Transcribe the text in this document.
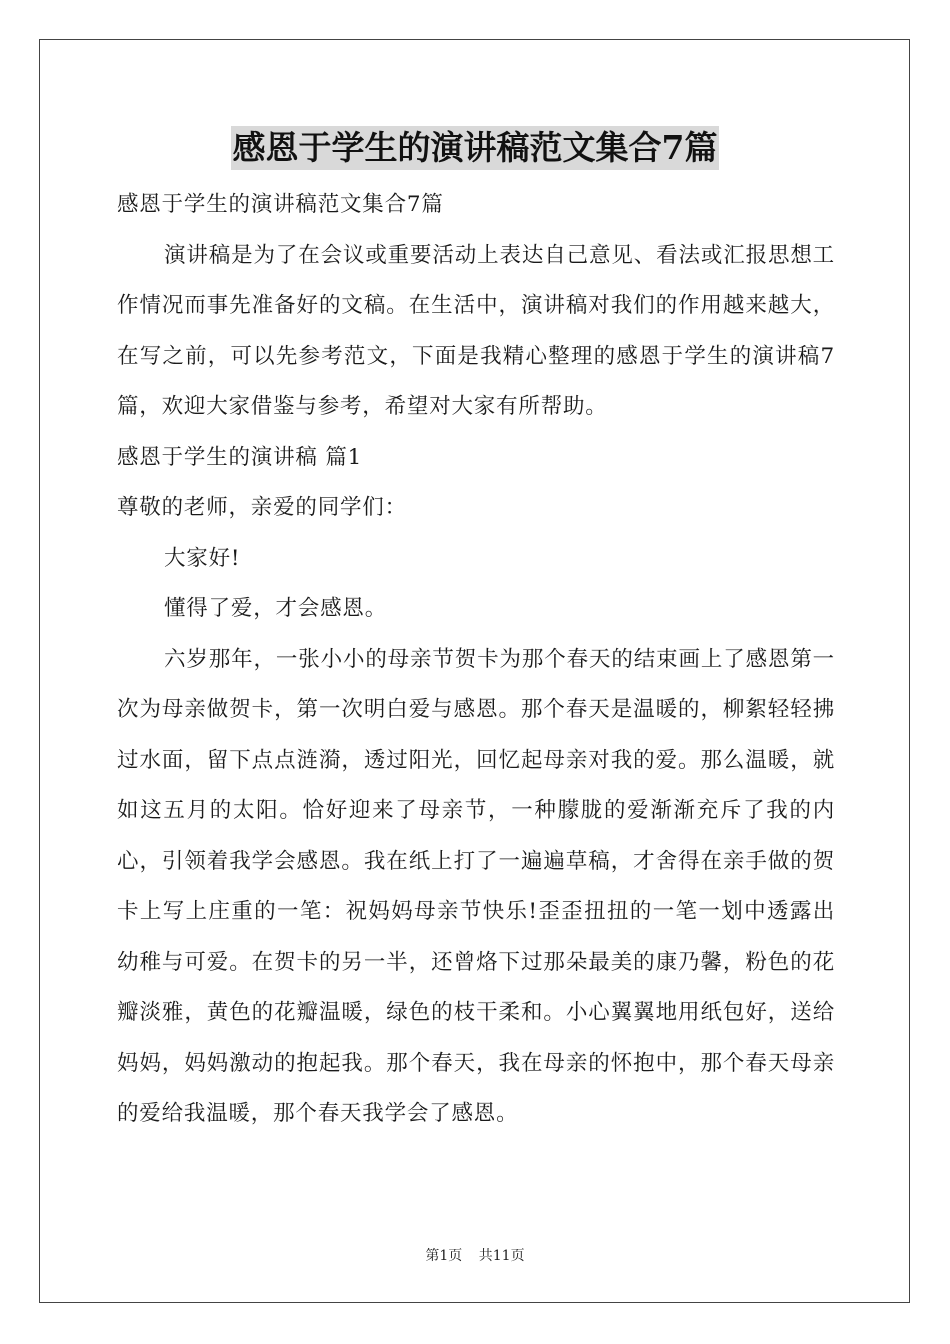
感恩于学生的演讲稿范文集合7篇

感恩于学生的演讲稿范文集合7篇

演讲稿是为了在会议或重要活动上表达自己意见、看法或汇报思想工作情况而事先准备好的文稿。在生活中，演讲稿对我们的作用越来越大，在写之前，可以先参考范文，下面是我精心整理的感恩于学生的演讲稿7篇，欢迎大家借鉴与参考，希望对大家有所帮助。

感恩于学生的演讲稿 篇1

尊敬的老师，亲爱的同学们：

大家好!

懂得了爱，才会感恩。

六岁那年，一张小小的母亲节贺卡为那个春天的结束画上了感恩第一次为母亲做贺卡，第一次明白爱与感恩。那个春天是温暖的，柳絮轻轻拂过水面，留下点点涟漪，透过阳光，回忆起母亲对我的爱。那么温暖，就如这五月的太阳。恰好迎来了母亲节，一种朦胧的爱渐渐充斥了我的内心，引领着我学会感恩。我在纸上打了一遍遍草稿，才舍得在亲手做的贺卡上写上庄重的一笔：祝妈妈母亲节快乐!歪歪扭扭的一笔一划中透露出幼稚与可爱。在贺卡的另一半，还曾烙下过那朵最美的康乃馨，粉色的花瓣淡雅，黄色的花瓣温暖，绿色的枝干柔和。小心翼翼地用纸包好，送给妈妈，妈妈激动的抱起我。那个春天，我在母亲的怀抱中，那个春天母亲的爱给我温暖，那个春天我学会了感恩。

第1页 共11页
